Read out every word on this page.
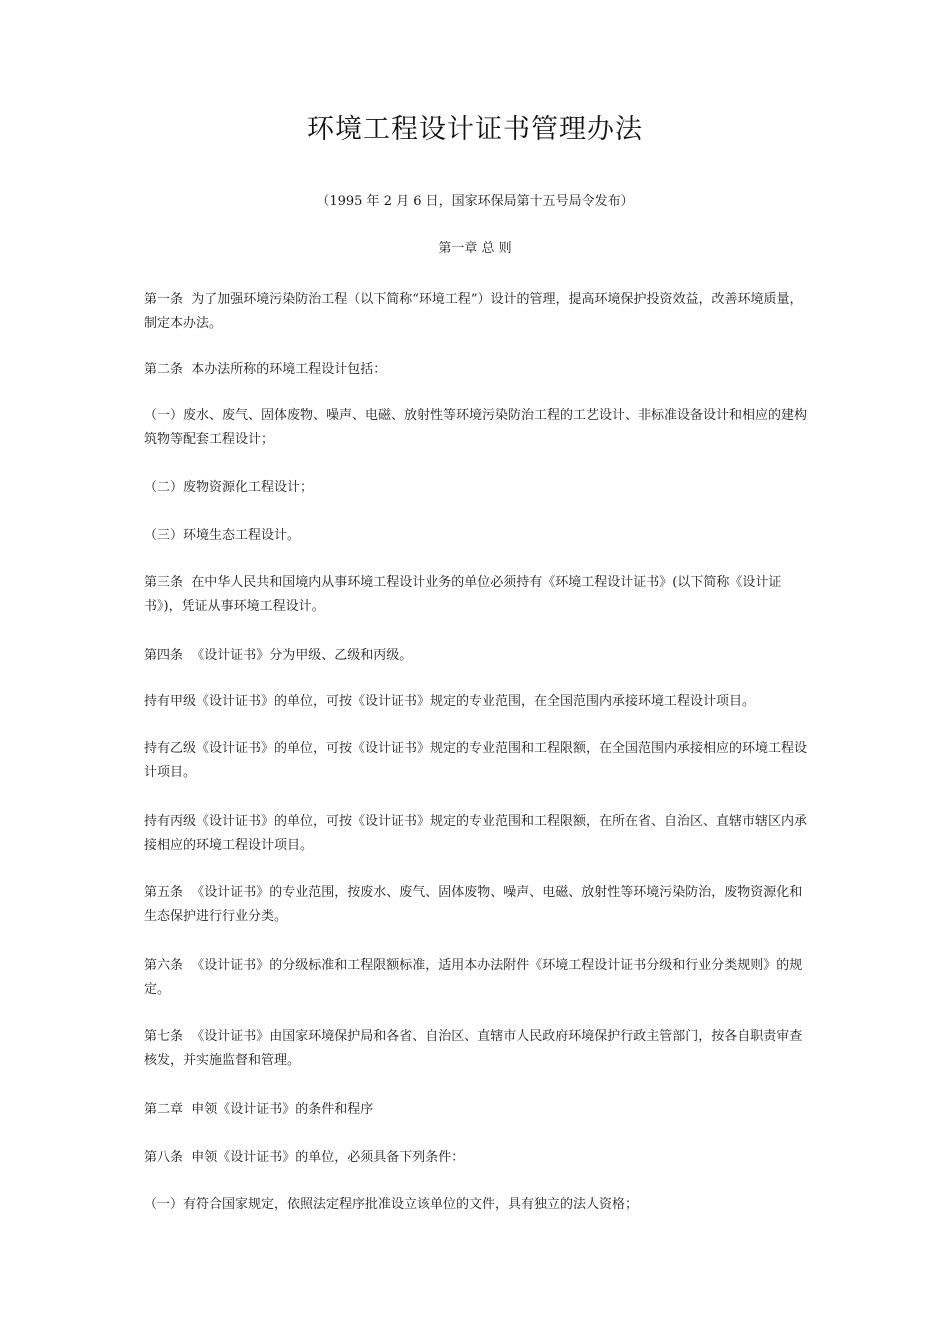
环境工程设计证书管理办法

（1995 年 2 月 6 日，国家环保局第十五号局令发布）

第一章 总 则

第一条  为了加强环境污染防治工程（以下简称“环境工程”）设计的管理，提高环境保护投资效益，改善环境质量，制定本办法。

第二条  本办法所称的环境工程设计包括：

（一）废水、废气、固体废物、噪声、电磁、放射性等环境污染防治工程的工艺设计、非标准设备设计和相应的建构筑物等配套工程设计；

（二）废物资源化工程设计；

（三）环境生态工程设计。

第三条  在中华人民共和国境内从事环境工程设计业务的单位必须持有《环境工程设计证书》(以下简称《设计证书》)，凭证从事环境工程设计。

第四条  《设计证书》分为甲级、乙级和丙级。

持有甲级《设计证书》的单位，可按《设计证书》规定的专业范围，在全国范围内承接环境工程设计项目。

持有乙级《设计证书》的单位，可按《设计证书》规定的专业范围和工程限额，在全国范围内承接相应的环境工程设计项目。

持有丙级《设计证书》的单位，可按《设计证书》规定的专业范围和工程限额，在所在省、自治区、直辖市辖区内承接相应的环境工程设计项目。

第五条  《设计证书》的专业范围，按废水、废气、固体废物、噪声、电磁、放射性等环境污染防治，废物资源化和生态保护进行行业分类。

第六条  《设计证书》的分级标准和工程限额标准，适用本办法附件《环境工程设计证书分级和行业分类规则》的规定。

第七条  《设计证书》由国家环境保护局和各省、自治区、直辖市人民政府环境保护行政主管部门，按各自职责审查核发，并实施监督和管理。

第二章  申领《设计证书》的条件和程序

第八条  申领《设计证书》的单位，必须具备下列条件：

（一）有符合国家规定，依照法定程序批准设立该单位的文件，具有独立的法人资格；
